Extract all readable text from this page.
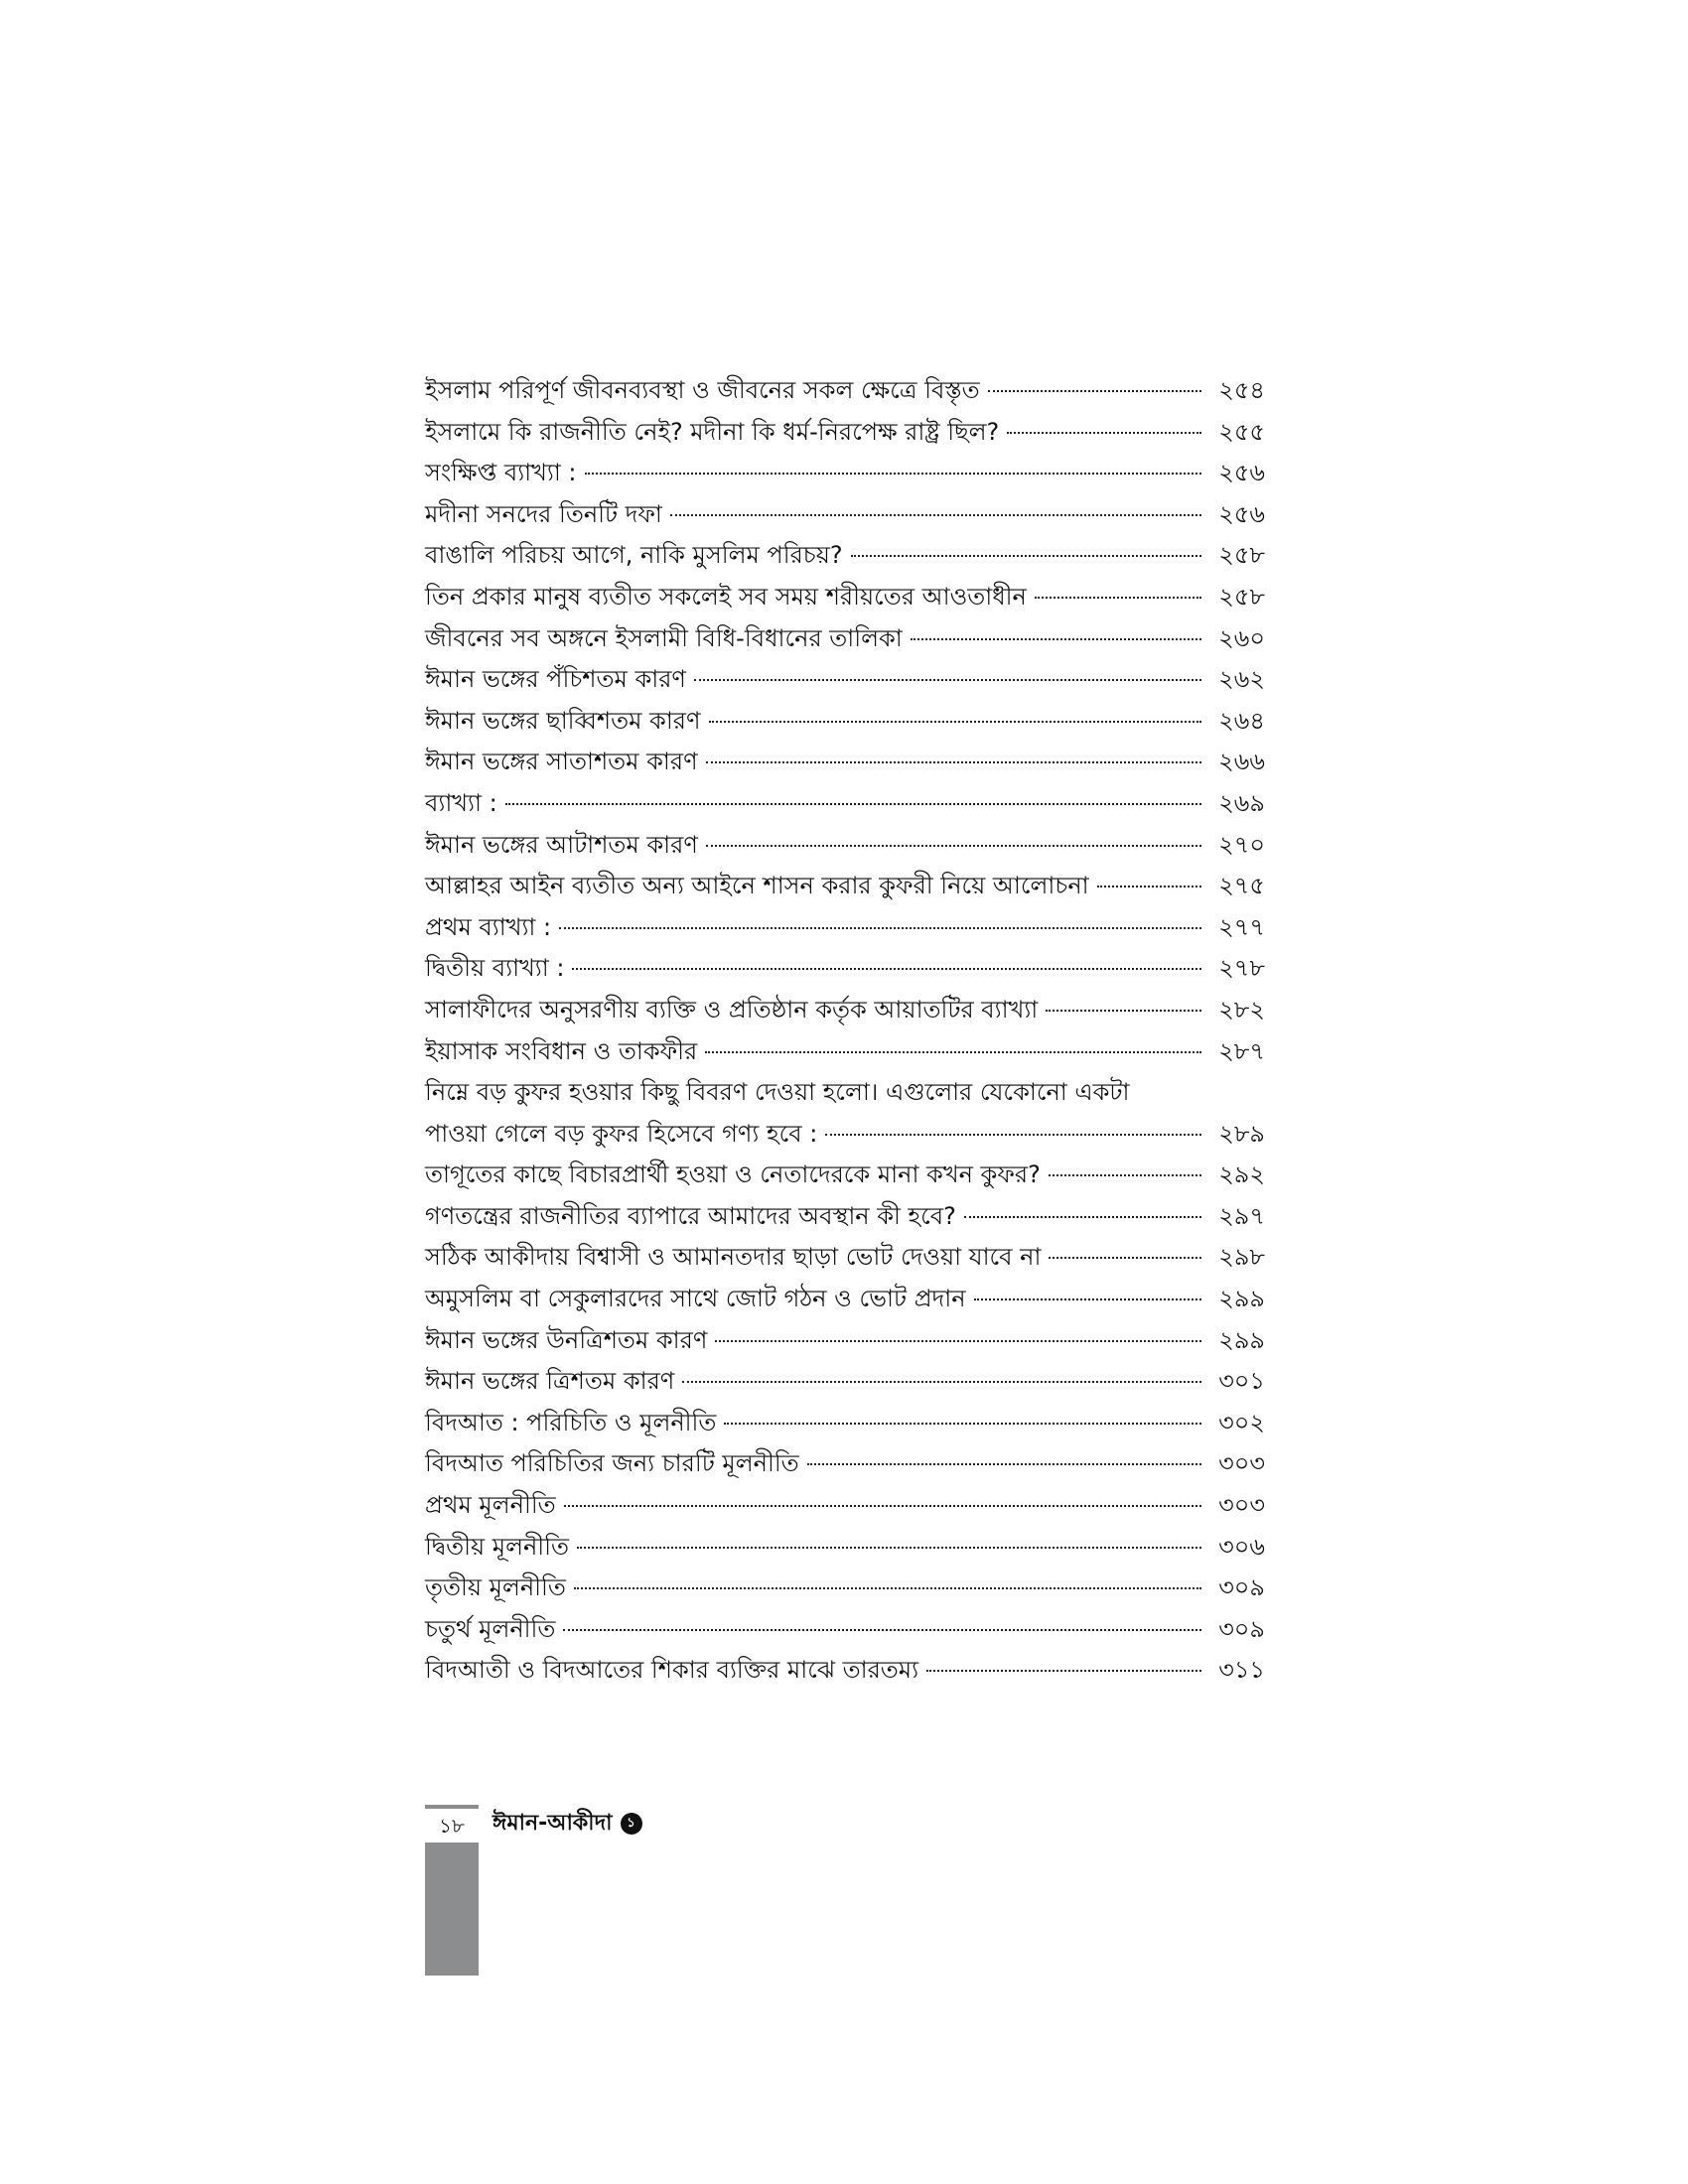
ইসলাম পরিপূর্ণ জীবনব্যবস্থা ও জীবনের সকল ক্ষেত্রে বিস্তৃত	২৫৪
ইসলামে কি রাজনীতি নেই? মদীনা কি ধর্ম-নিরপেক্ষ রাষ্ট্র ছিল?	২৫৫
সংক্ষিপ্ত ব্যাখ্যা :	২৫৬
মদীনা সনদের তিনটি দফা	২৫৬
বাঙালি পরিচয় আগে, নাকি মুসলিম পরিচয়?	২৫৮
তিন প্রকার মানুষ ব্যতীত সকলেই সব সময় শরীয়তের আওতাধীন	২৫৮
জীবনের সব অঙ্গনে ইসলামী বিধি-বিধানের তালিকা	২৬০
ঈমান ভঙ্গের পঁচিশতম কারণ	২৬২
ঈমান ভঙ্গের ছাব্বিশতম কারণ	২৬৪
ঈমান ভঙ্গের সাতাশতম কারণ	২৬৬
ব্যাখ্যা :	২৬৯
ঈমান ভঙ্গের আটাশতম কারণ	২৭০
আল্লাহর আইন ব্যতীত অন্য আইনে শাসন করার কুফরী নিয়ে আলোচনা	২৭৫
প্রথম ব্যাখ্যা :	২৭৭
দ্বিতীয় ব্যাখ্যা :	২৭৮
সালাফীদের অনুসরণীয় ব্যক্তি ও প্রতিষ্ঠান কর্তৃক আয়াতটির ব্যাখ্যা	২৮২
ইয়াসাক সংবিধান ও তাকফীর	২৮৭
নিম্নে বড় কুফর হওয়ার কিছু বিবরণ দেওয়া হলো। এগুলোর যেকোনো একটা
পাওয়া গেলে বড় কুফর হিসেবে গণ্য হবে :	২৮৯
তাগূতের কাছে বিচারপ্রার্থী হওয়া ও নেতাদেরকে মানা কখন কুফর?	২৯২
গণতন্ত্রের রাজনীতির ব্যাপারে আমাদের অবস্থান কী হবে?	২৯৭
সঠিক আকীদায় বিশ্বাসী ও আমানতদার ছাড়া ভোট দেওয়া যাবে না	২৯৮
অমুসলিম বা সেকুলারদের সাথে জোট গঠন ও ভোট প্রদান	২৯৯
ঈমান ভঙ্গের উনত্রিশতম কারণ	২৯৯
ঈমান ভঙ্গের ত্রিশতম কারণ	৩০১
বিদআত : পরিচিতি ও মূলনীতি	৩০২
বিদআত পরিচিতির জন্য চারটি মূলনীতি	৩০৩
প্রথম মূলনীতি	৩০৩
দ্বিতীয় মূলনীতি	৩০৬
তৃতীয় মূলনীতি	৩০৯
চতুর্থ মূলনীতি	৩০৯
বিদআতী ও বিদআতের শিকার ব্যক্তির মাঝে তারতম্য	৩১১
১৮	ঈমান-আকীদা	১
